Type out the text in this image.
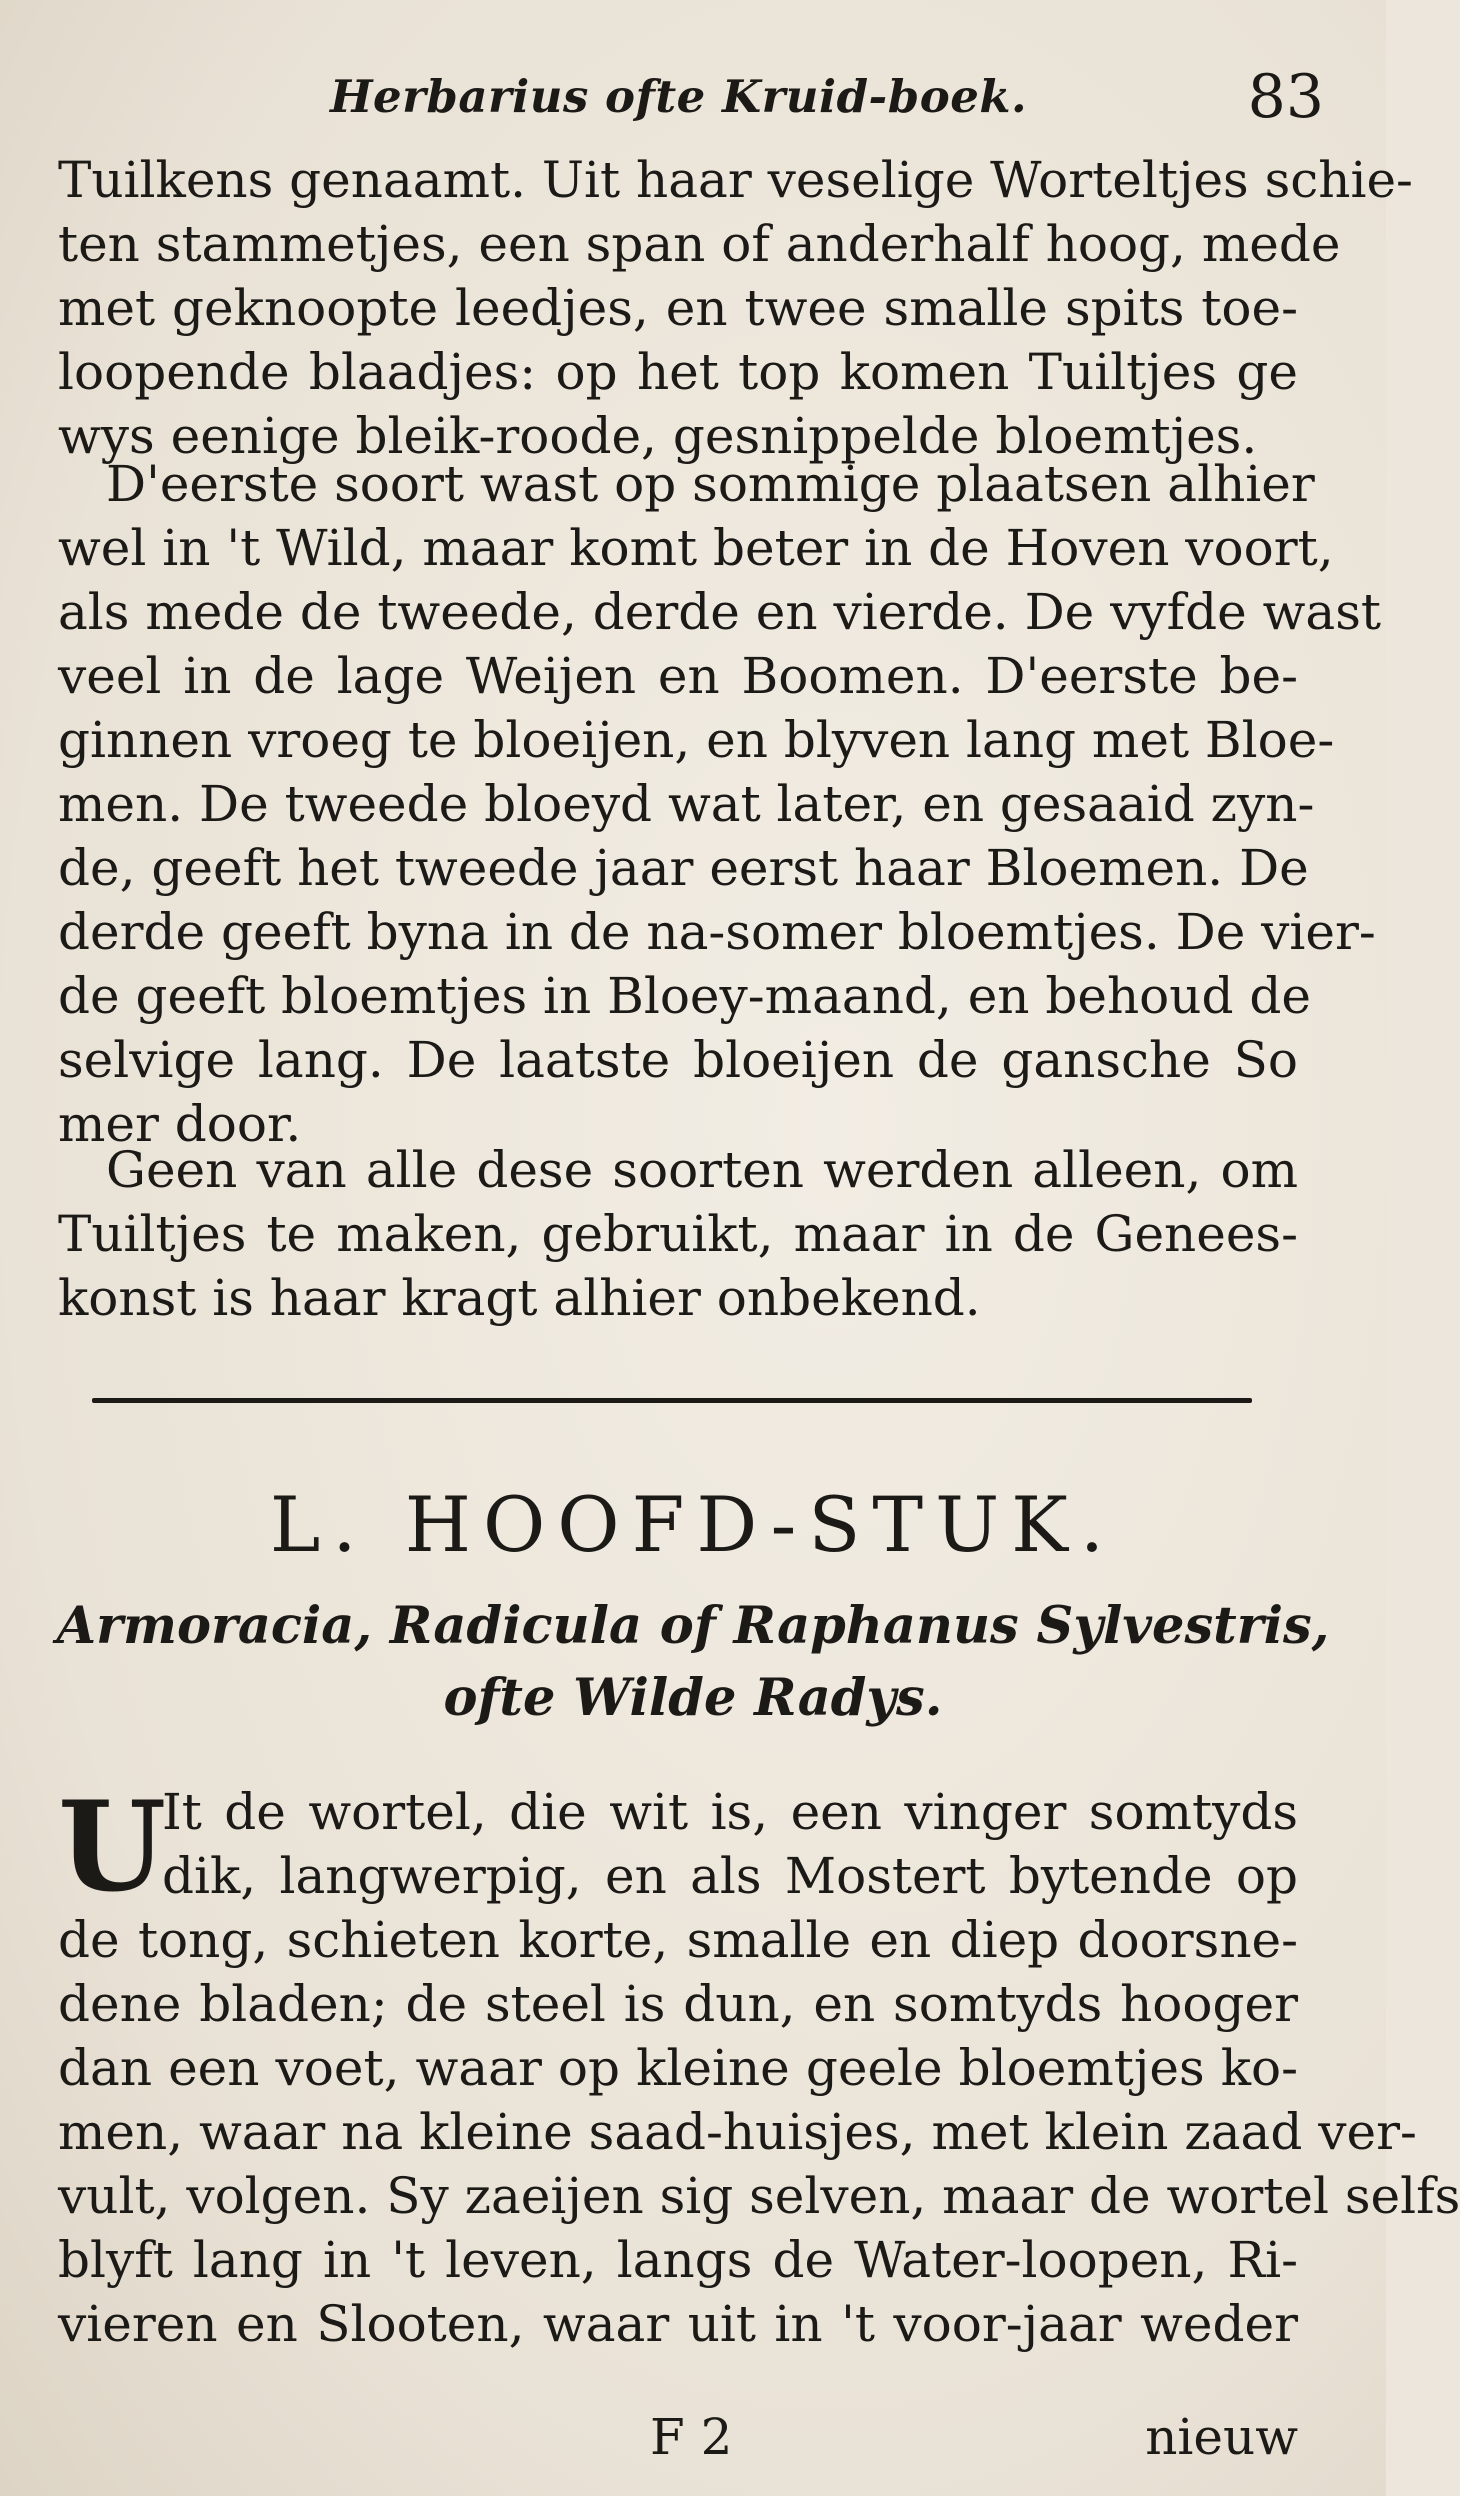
Herbarius ofte Kruid-boek.	83
Tuilkens genaamt. Uit haar veselige Worteltjes schie-
ten stammetjes, een span of anderhalf hoog, mede
met geknoopte leedjes, en twee smalle spits toe-
loopende blaadjes: op het top komen Tuiltjes ge
wys eenige bleik-roode, gesnippelde bloemtjes.
D'eerste soort wast op sommige plaatsen alhier
wel in 't Wild, maar komt beter in de Hoven voort,
als mede de tweede, derde en vierde. De vyfde wast
veel in de lage Weijen en Boomen. D'eerste be-
ginnen vroeg te bloeijen, en blyven lang met Bloe-
men. De tweede bloeyd wat later, en gesaaid zyn-
de, geeft het tweede jaar eerst haar Bloemen. De
derde geeft byna in de na-somer bloemtjes. De vier-
de geeft bloemtjes in Bloey-maand, en behoud de
selvige lang. De laatste bloeijen de gansche So
mer door.
Geen van alle dese soorten werden alleen, om
Tuiltjes te maken, gebruikt, maar in de Genees-
konst is haar kragt alhier onbekend.
L. HOOFD-STUK.
Armoracia, Radicula of Raphanus Sylvestris,
ofte Wilde Radys.
U
It de wortel, die wit is, een vinger somtyds
dik, langwerpig, en als Mostert bytende op
de tong, schieten korte, smalle en diep doorsne-
dene bladen; de steel is dun, en somtyds hooger
dan een voet, waar op kleine geele bloemtjes ko-
men, waar na kleine saad-huisjes, met klein zaad ver-
vult, volgen. Sy zaeijen sig selven, maar de wortel selfs
blyft lang in 't leven, langs de Water-loopen, Ri-
vieren en Slooten, waar uit in 't voor-jaar weder
F 2	nieuw
